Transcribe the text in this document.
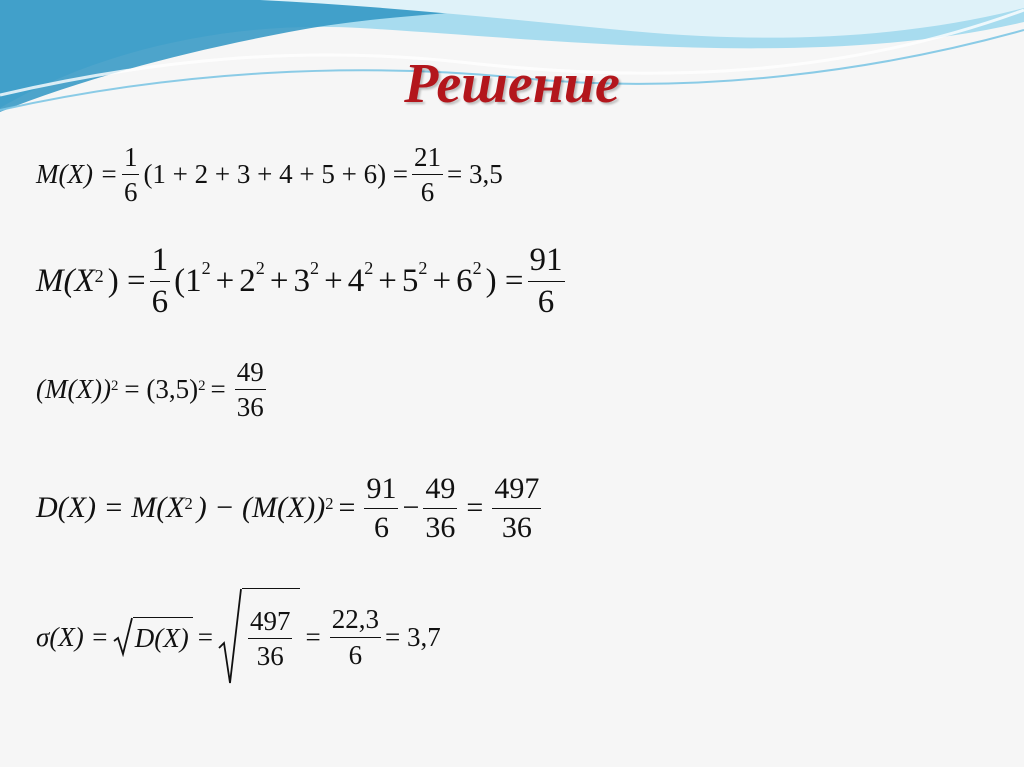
Решение
$M(X) = \frac{1}{6} (1 + 2 + 3 + 4 + 5 + 6) = \frac{21}{6} = 3,5$
$M(X^2$ ) = $\frac{1}{6}$ ( $1^2 + 2^2 + 3^2 + 4^2 + 5^2 + 6^2$ ) = $\frac{91}{6}$
$(M(X))^2 = (3,5)^2 = \frac{49}{36}$
$D(X) = M(X^2$ ) − $(M(X))^2 = \frac{91}{6} - \frac{49}{36} = \frac{497}{36}$
$\sigma(X) = D(X) = \frac{497}{36} = \frac{22,3}{6} = 3,7$
